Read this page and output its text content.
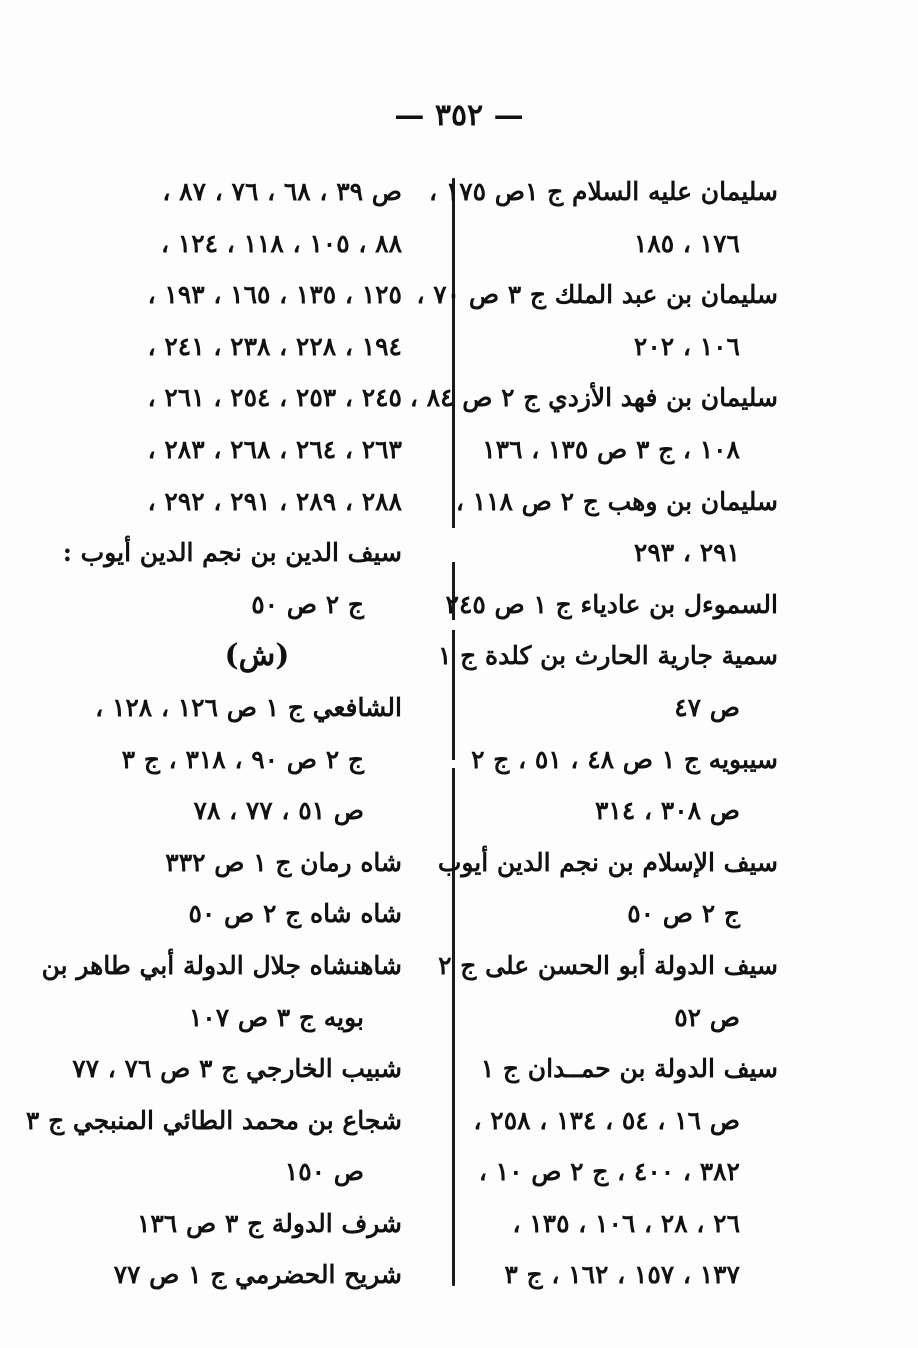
— ٣٥٢ —
سليمان عليه السلام ج ١ص ١٧٥ ،
١٧٦ ، ١٨٥
سليمان بن عبد الملك ج ٣ ص ٧٠ ،
١٠٦ ، ٢٠٢
سليمان بن فهد الأزدي ج ٢ ص ٨٤ ،
١٠٨ ، ج ٣ ص ١٣٥ ، ١٣٦
سليمان بن وهب ج ٢ ص ١١٨ ،
٢٩١ ، ٢٩٣
السموءل بن عادياء ج ١ ص ٢٤٥
سمية جارية الحارث بن كلدة ج ١
ص ٤٧
سيبويه ج ١ ص ٤٨ ، ٥١ ، ج ٢
ص ٣٠٨ ، ٣١٤
سيف الإسلام بن نجم الدين أيوب
ج ٢ ص ٥٠
سيف الدولة أبو الحسن على ج ٢
ص ٥٢
سيف الدولة بن حمــدان ج ١
ص ١٦ ، ٥٤ ، ١٣٤ ، ٢٥٨ ،
٣٨٢ ، ٤٠٠ ، ج ٢ ص ١٠ ،
٢٦ ، ٢٨ ، ١٠٦ ، ١٣٥ ،
١٣٧ ، ١٥٧ ، ١٦٢ ، ج ٣
ص ٣٩ ، ٦٨ ، ٧٦ ، ٨٧ ،
٨٨ ، ١٠٥ ، ١١٨ ، ١٢٤ ،
١٢٥ ، ١٣٥ ، ١٦٥ ، ١٩٣ ،
١٩٤ ، ٢٢٨ ، ٢٣٨ ، ٢٤١ ،
٢٤٥ ، ٢٥٣ ، ٢٥٤ ، ٢٦١ ،
٢٦٣ ، ٢٦٤ ، ٢٦٨ ، ٢٨٣ ،
٢٨٨ ، ٢٨٩ ، ٢٩١ ، ٢٩٢ ،
سيف الدين بن نجم الدين أيوب :
ج ٢ ص ٥٠
(ش)
الشافعي ج ١ ص ١٢٦ ، ١٢٨ ،
ج ٢ ص ٩٠ ، ٣١٨ ، ج ٣
ص ٥١ ، ٧٧ ، ٧٨
شاه رمان ج ١ ص ٣٣٢
شاه شاه ج ٢ ص ٥٠
شاهنشاه جلال الدولة أبي طاهر بن
بويه ج ٣ ص ١٠٧
شبيب الخارجي ج ٣ ص ٧٦ ، ٧٧
شجاع بن محمد الطائي المنبجي ج ٣
ص ١٥٠
شرف الدولة ج ٣ ص ١٣٦
شريح الحضرمي ج ١ ص ٧٧
